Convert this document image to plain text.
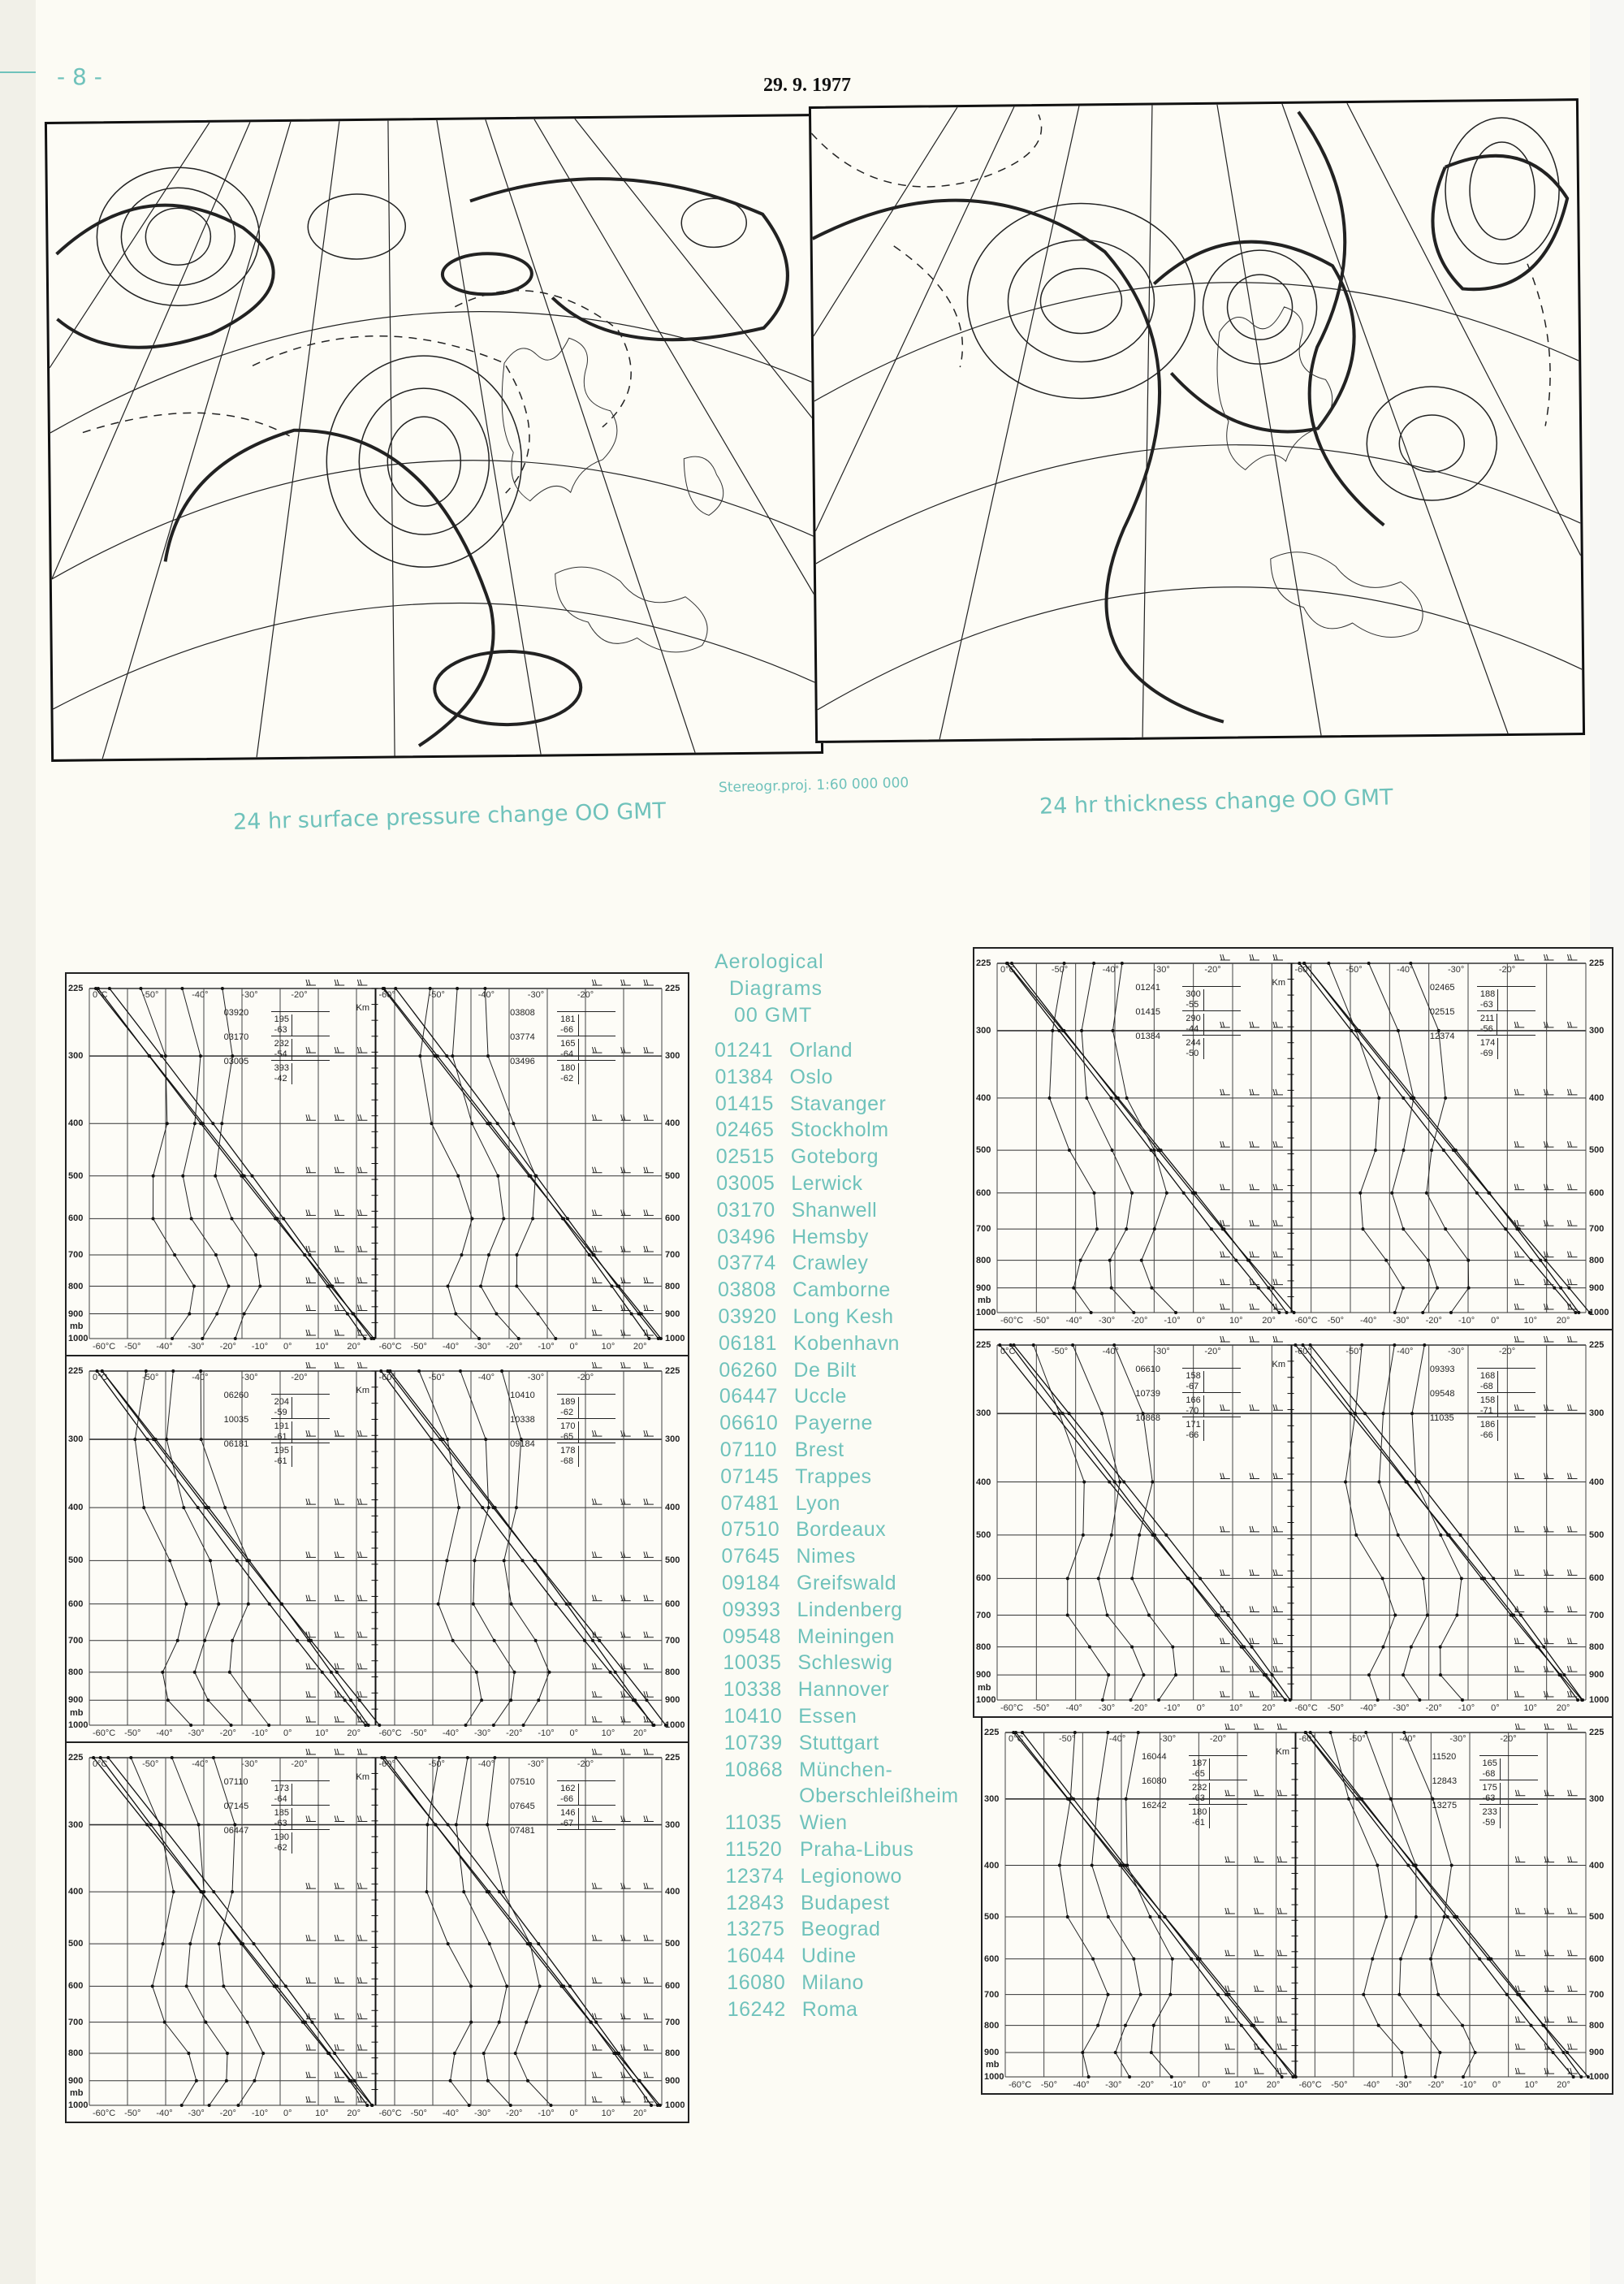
- 8 -	29. 9. 1977
24 hr surface pressure change OO GMT
Stereogr.proj. 1:60 000 000	24 hr thickness change OO GMT
Aerological
Diagrams
00 GMT
01241 Orland
01384 Oslo
01415 Stavanger
02465 Stockholm
02515 Goteborg
03005 Lerwick
03170 Shanwell
03496 Hemsby
03774 Crawley
03808 Camborne
03920 Long Kesh
06181 Kobenhavn
06260 De Bilt
06447 Uccle
06610 Payerne
07110 Brest
07145 Trappes
07481 Lyon
07510 Bordeaux
07645 Nimes
09184 Greifswald
09393 Lindenberg
09548 Meiningen
10035 Schleswig
10338 Hannover
10410 Essen
10739 Stuttgart
10868 München-
Oberschleißheim
11035 Wien
11520 Praha-Libus
12374 Legionowo
12843 Budapest
13275 Beograd
16044 Udine
16080 Milano
16242 Roma
225	225
300	300
400	400
500	500
600	600
700	700
800	800
900	900
1000	1000
mb
Km
0°C	-50°	-40°	-30°	-20°	-60°	-50°	-40°	-30°	-20°
-60°C	-60°C
-50°	-50°
-40°	-40°
-30°	-30°
-20°	-20°
-10°	-10°
0°	0°
10°	10°
20°	20°
03920
195 -63
03170
232 -54
03005
393 -42
03808
181 -66
03774
165 -64
03496
180 -62
225	225
300	300
400	400
500	500
600	600
700	700
800	800
900	900
1000	1000
mb
Km
0°C	-50°	-40°	-30°	-20°	-60°	-50°	-40°	-30°	-20°
-60°C	-60°C
-50°	-50°
-40°	-40°
-30°	-30°
-20°	-20°
-10°	-10°
0°	0°
10°	10°
20°	20°
06260
204 -59
10035
191 -61
06181
195 -61
10410
189 -62
10338
170 -65
09184
178 -68
225	225
300	300
400	400
500	500
600	600
700	700
800	800
900	900
1000	1000
mb
Km
0°C	-50°	-40°	-30°	-20°	-60°	-50°	-40°	-30°	-20°
-60°C	-60°C
-50°	-50°
-40°	-40°
-30°	-30°
-20°	-20°
-10°	-10°
0°	0°
10°	10°
20°	20°
07110
173 -64
07145
185 -63
06447
190 -62
07510
162 -66
07645
146 -67
07481
225	225
300	300
400	400
500	500
600	600
700	700
800	800
900	900
1000	1000
mb
Km
0°C	-50°	-40°	-30°	-20°	-60°	-50°	-40°	-30°	-20°
-60°C	-60°C
-50°	-50°
-40°	-40°
-30°	-30°
-20°	-20°
-10°	-10°
0°	0°
10°	10°
20°	20°
01241
300 -55
01415
290 -44
01384
244 -50
02465
188 -63
02515
211 -56
12374
174 -69
225	225
300	300
400	400
500	500
600	600
700	700
800	800
900	900
1000	1000
mb
Km
0°C	-50°	-40°	-30°	-20°	-60°	-50°	-40°	-30°	-20°
-60°C	-60°C
-50°	-50°
-40°	-40°
-30°	-30°
-20°	-20°
-10°	-10°
0°	0°
10°	10°
20°	20°
06610
158 -67
10739
166 -70
10868
171 -66
09393
168 -68
09548
158 -71
11035
186 -66
225	225
300	300
400	400
500	500
600	600
700	700
800	800
900	900
1000	1000
mb
Km
0°C	-50°	-40°	-30°	-20°	-60°	-50°	-40°	-30°	-20°
-60°C	-60°C
-50°	-50°
-40°	-40°
-30°	-30°
-20°	-20°
-10°	-10°
0°	0°
10°	10°
20°	20°
16044
187 -65
16080
232 -63
16242
180 -61
11520
165 -68
12843
175 -63
13275
233 -59
